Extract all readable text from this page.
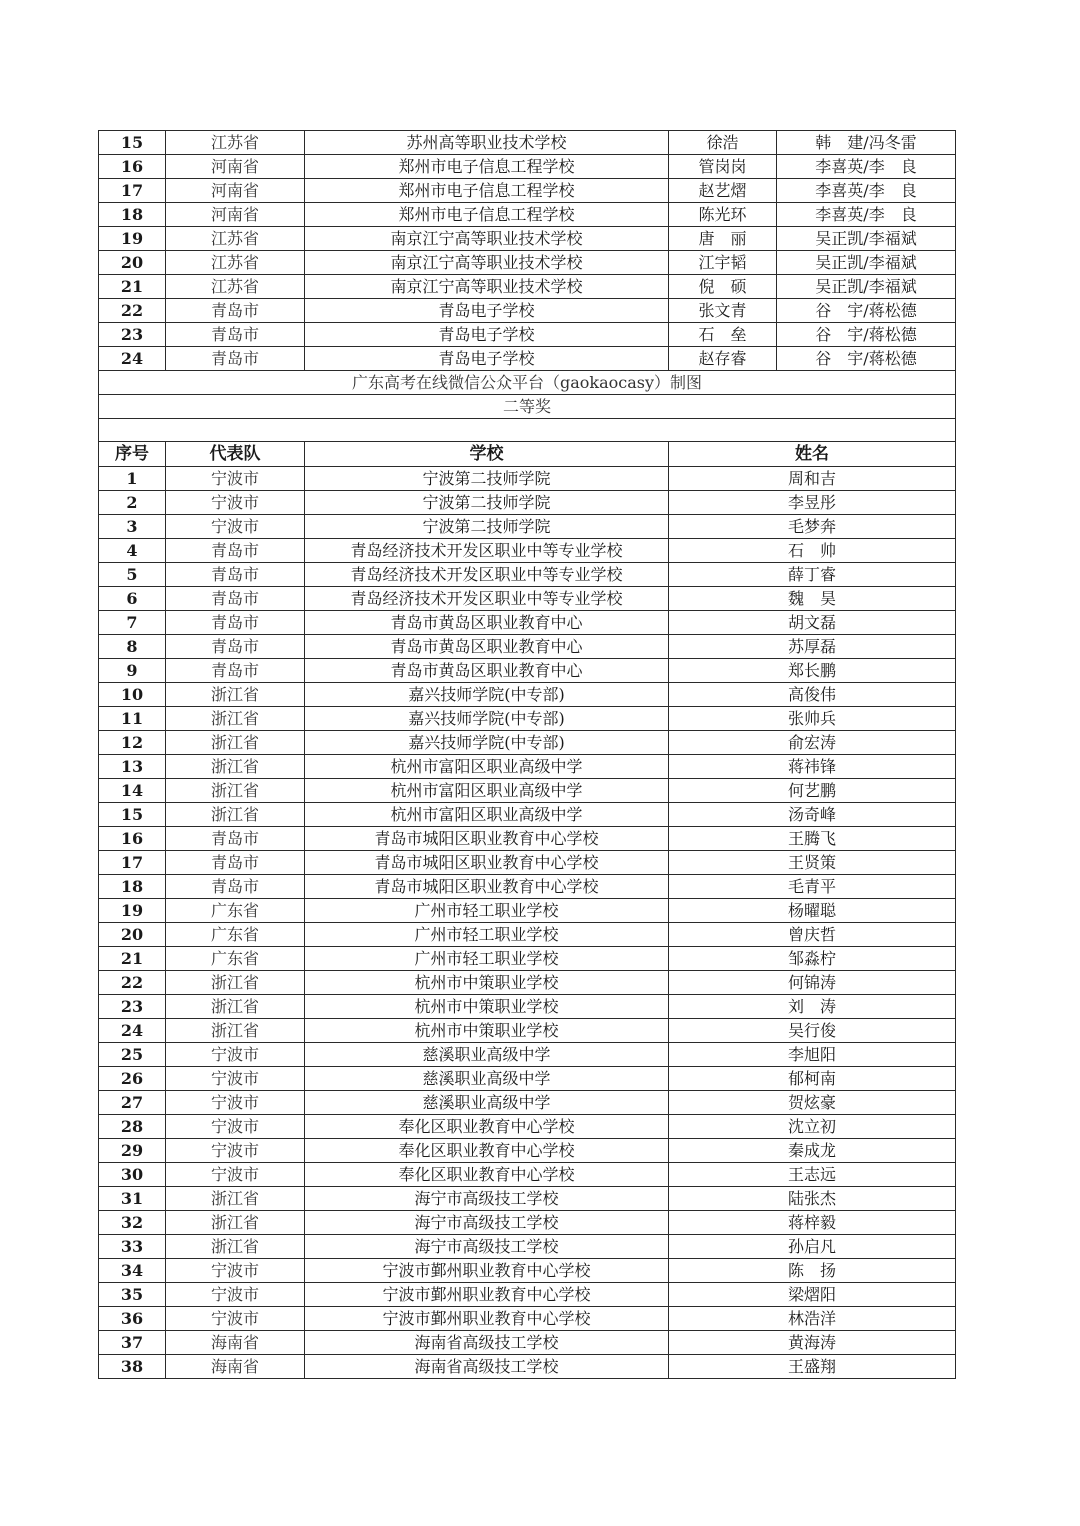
15	江苏省	苏州高等职业技术学校	徐浩	韩　建/冯冬雷
16	河南省	郑州市电子信息工程学校	管岗岗	李喜英/李　良
17	河南省	郑州市电子信息工程学校	赵艺熠	李喜英/李　良
18	河南省	郑州市电子信息工程学校	陈光环	李喜英/李　良
19	江苏省	南京江宁高等职业技术学校	唐　丽	吴正凯/李福斌
20	江苏省	南京江宁高等职业技术学校	江宇韬	吴正凯/李福斌
21	江苏省	南京江宁高等职业技术学校	倪　硕	吴正凯/李福斌
22	青岛市	青岛电子学校	张文青	谷　宇/蒋松德
23	青岛市	青岛电子学校	石　垒	谷　宇/蒋松德
24	青岛市	青岛电子学校	赵存睿	谷　宇/蒋松德
广东高考在线微信公众平台（gaokaocasy）制图				
二等奖				

序号	代表队	学校	姓名	
1	宁波市	宁波第二技师学院	周和吉	
2	宁波市	宁波第二技师学院	李昱彤	
3	宁波市	宁波第二技师学院	毛梦奔	
4	青岛市	青岛经济技术开发区职业中等专业学校	石　帅	
5	青岛市	青岛经济技术开发区职业中等专业学校	薛丁睿	
6	青岛市	青岛经济技术开发区职业中等专业学校	魏　昊	
7	青岛市	青岛市黄岛区职业教育中心	胡文磊	
8	青岛市	青岛市黄岛区职业教育中心	苏厚磊	
9	青岛市	青岛市黄岛区职业教育中心	郑长鹏	
10	浙江省	嘉兴技师学院(中专部)	高俊伟	
11	浙江省	嘉兴技师学院(中专部)	张帅兵	
12	浙江省	嘉兴技师学院(中专部)	俞宏涛	
13	浙江省	杭州市富阳区职业高级中学	蒋祎锋	
14	浙江省	杭州市富阳区职业高级中学	何艺鹏	
15	浙江省	杭州市富阳区职业高级中学	汤奇峰	
16	青岛市	青岛市城阳区职业教育中心学校	王腾飞	
17	青岛市	青岛市城阳区职业教育中心学校	王贤策	
18	青岛市	青岛市城阳区职业教育中心学校	毛青平	
19	广东省	广州市轻工职业学校	杨曜聪	
20	广东省	广州市轻工职业学校	曾庆哲	
21	广东省	广州市轻工职业学校	邹淼柠	
22	浙江省	杭州市中策职业学校	何锦涛	
23	浙江省	杭州市中策职业学校	刘　涛	
24	浙江省	杭州市中策职业学校	吴行俊	
25	宁波市	慈溪职业高级中学	李旭阳	
26	宁波市	慈溪职业高级中学	郁柯南	
27	宁波市	慈溪职业高级中学	贺炫豪	
28	宁波市	奉化区职业教育中心学校	沈立初	
29	宁波市	奉化区职业教育中心学校	秦成龙	
30	宁波市	奉化区职业教育中心学校	王志远	
31	浙江省	海宁市高级技工学校	陆张杰	
32	浙江省	海宁市高级技工学校	蒋梓毅	
33	浙江省	海宁市高级技工学校	孙启凡	
34	宁波市	宁波市鄞州职业教育中心学校	陈　扬	
35	宁波市	宁波市鄞州职业教育中心学校	梁熠阳	
36	宁波市	宁波市鄞州职业教育中心学校	林浩洋	
37	海南省	海南省高级技工学校	黄海涛	
38	海南省	海南省高级技工学校	王盛翔	
